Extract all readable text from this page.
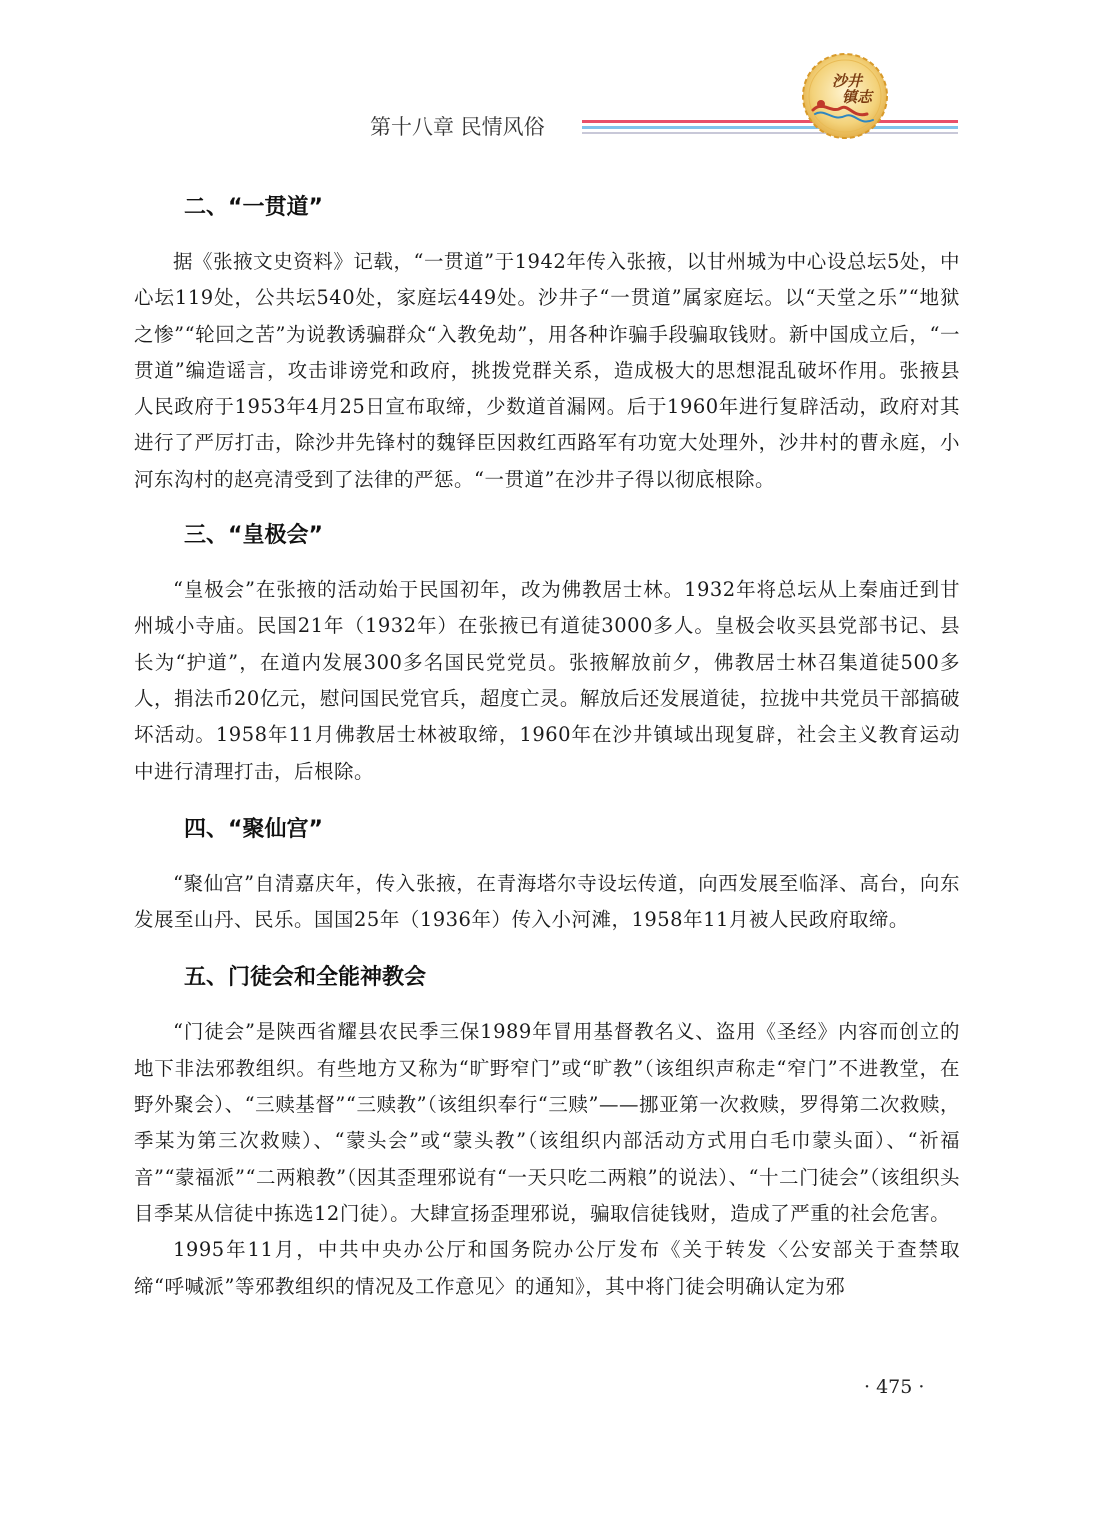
第十八章 民情风俗
沙井
镇志
二、“一贯道”

据《张掖文史资料》记载，“一贯道”于1942年传入张掖，以甘州城为中心设总坛5处，中心坛119处，公共坛540处，家庭坛449处。沙井子“一贯道”属家庭坛。以“天堂之乐”“地狱之惨”“轮回之苦”为说教诱骗群众“入教免劫”，用各种诈骗手段骗取钱财。新中国成立后，“一贯道”编造谣言，攻击诽谤党和政府，挑拨党群关系，造成极大的思想混乱破坏作用。张掖县人民政府于1953年4月25日宣布取缔，少数道首漏网。后于1960年进行复辟活动，政府对其进行了严厉打击，除沙井先锋村的魏铎臣因救红西路军有功宽大处理外，沙井村的曹永庭，小河东沟村的赵亮清受到了法律的严惩。“一贯道”在沙井子得以彻底根除。

三、“皇极会”

“皇极会”在张掖的活动始于民国初年，改为佛教居士林。1932年将总坛从上秦庙迁到甘州城小寺庙。民国21年（1932年）在张掖已有道徒3000多人。皇极会收买县党部书记、县长为“护道”，在道内发展300多名国民党党员。张掖解放前夕，佛教居士林召集道徒500多人，捐法币20亿元，慰问国民党官兵，超度亡灵。解放后还发展道徒，拉拢中共党员干部搞破坏活动。1958年11月佛教居士林被取缔，1960年在沙井镇域出现复辟，社会主义教育运动中进行清理打击，后根除。

四、“聚仙宫”

“聚仙宫”自清嘉庆年，传入张掖，在青海塔尔寺设坛传道，向西发展至临泽、高台，向东发展至山丹、民乐。国国25年（1936年）传入小河滩，1958年11月被人民政府取缔。

五、门徒会和全能神教会

“门徒会”是陕西省耀县农民季三保1989年冒用基督教名义、盗用《圣经》内容而创立的地下非法邪教组织。有些地方又称为“旷野窄门”或“旷教”（该组织声称走“窄门”不进教堂，在野外聚会）、“三赎基督”“三赎教”（该组织奉行“三赎”——挪亚第一次救赎，罗得第二次救赎，季某为第三次救赎）、“蒙头会”或“蒙头教”（该组织内部活动方式用白毛巾蒙头面）、“祈福音”“蒙福派”“二两粮教”（因其歪理邪说有“一天只吃二两粮”的说法）、“十二门徒会”（该组织头目季某从信徒中拣选12门徒）。大肆宣扬歪理邪说，骗取信徒钱财，造成了严重的社会危害。

1995年11月，中共中央办公厅和国务院办公厅发布《关于转发〈公安部关于查禁取缔“呼喊派”等邪教组织的情况及工作意见〉的通知》，其中将门徒会明确认定为邪

· 475 ·
